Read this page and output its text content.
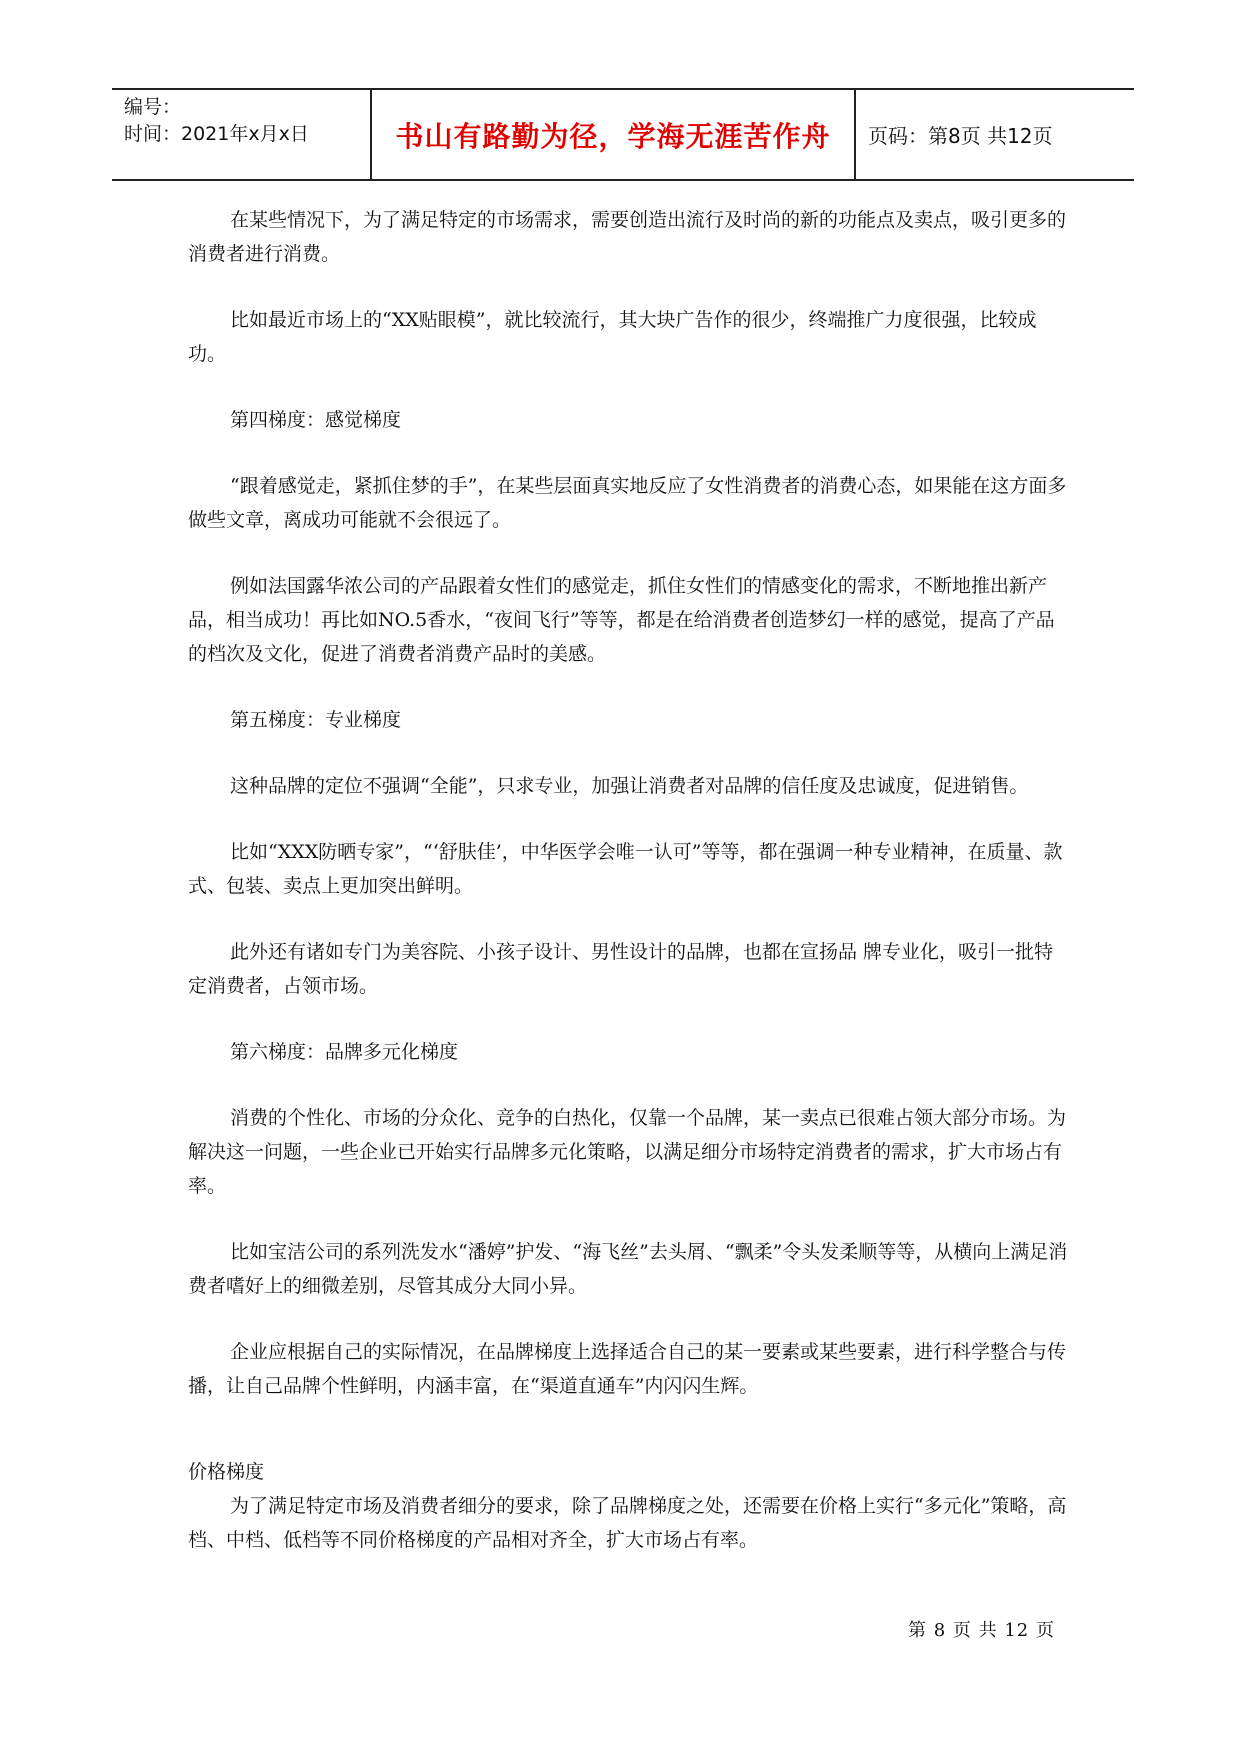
编号：
时间：2021年x月x日	书山有路勤为径，学海无涯苦作舟	页码：第8页 共12页

在某些情况下，为了满足特定的市场需求，需要创造出流行及时尚的新的功能点及卖点，吸引更多的消费者进行消费。

比如最近市场上的“XX贴眼模”，就比较流行，其大块广告作的很少，终端推广力度很强，比较成功。

第四梯度：感觉梯度

“跟着感觉走，紧抓住梦的手”，在某些层面真实地反应了女性消费者的消费心态，如果能在这方面多做些文章，离成功可能就不会很远了。

例如法国露华浓公司的产品跟着女性们的感觉走，抓住女性们的情感变化的需求，不断地推出新产品，相当成功！再比如NO.5香水，“夜间飞行”等等，都是在给消费者创造梦幻一样的感觉，提高了产品的档次及文化，促进了消费者消费产品时的美感。

第五梯度：专业梯度

这种品牌的定位不强调“全能”，只求专业，加强让消费者对品牌的信任度及忠诚度，促进销售。

比如“XXX防晒专家”，“‘舒肤佳’，中华医学会唯一认可”等等，都在强调一种专业精神，在质量、款式、包装、卖点上更加突出鲜明。

此外还有诸如专门为美容院、小孩子设计、男性设计的品牌，也都在宣扬品 牌专业化，吸引一批特定消费者，占领市场。

第六梯度：品牌多元化梯度

消费的个性化、市场的分众化、竞争的白热化，仅靠一个品牌，某一卖点已很难占领大部分市场。为解决这一问题，一些企业已开始实行品牌多元化策略，以满足细分市场特定消费者的需求，扩大市场占有率。

比如宝洁公司的系列洗发水“潘婷”护发、“海飞丝”去头屑、“飘柔”令头发柔顺等等，从横向上满足消费者嗜好上的细微差别，尽管其成分大同小异。

企业应根据自己的实际情况，在品牌梯度上选择适合自己的某一要素或某些要素，进行科学整合与传播，让自己品牌个性鲜明，内涵丰富，在“渠道直通车”内闪闪生辉。

价格梯度

为了满足特定市场及消费者细分的要求，除了品牌梯度之处，还需要在价格上实行“多元化”策略，高档、中档、低档等不同价格梯度的产品相对齐全，扩大市场占有率。

第 8 页 共 12 页
